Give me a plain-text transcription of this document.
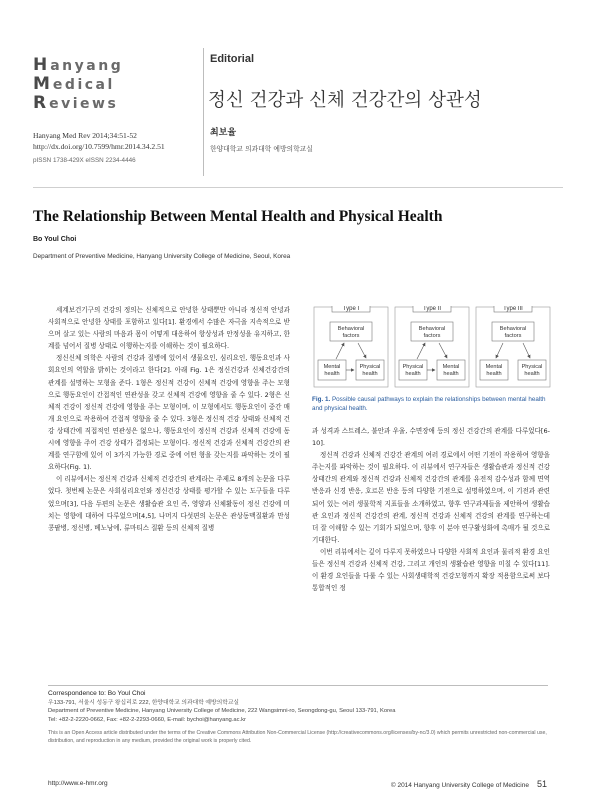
Hanyang
Medical
Reviews
Hanyang Med Rev 2014;34:51-52
http://dx.doi.org/10.7599/hmr.2014.34.2.51
pISSN 1738-429X eISSN 2234-4446
Editorial
정신 건강과 신체 건강간의 상관성
최보율
한양대학교 의과대학 예방의학교실
The Relationship Between Mental Health and Physical Health
Bo Youl Choi
Department of Preventive Medicine, Hanyang University College of Medicine, Seoul, Korea

세계보건기구의 건강의 정의는 신체적으로 안녕한 상태뿐만 아니라 정신적 안녕과 사회적으로 안녕한 상태를 포함하고 있다[1]. 환경에서 수많은 자극을 지속적으로 받으며 살고 있는 사람의 마음과 몸이 어떻게 대응하여 항상성과 안정성을 유지하고, 한계를 넘어서 질병 상태로 이행하는지를 이해하는 것이 필요하다.

정신신체 의학은 사람의 건강과 질병에 있어서 생물요인, 심리요인, 행동요인과 사회요인의 역할을 밝히는 것이라고 한다[2]. 아래 Fig. 1은 정신건강과 신체건강간의 관계를 설명하는 모형을 준다. 1형은 정신적 건강이 신체적 건강에 영향을 주는 모형으로 행동요인이 간접적인 연관성을 갖고 신체적 건강에 영향을 줄 수 있다. 2형은 신체적 건강이 정신적 건강에 영향을 주는 모형이며, 이 모형에서도 행동요인이 중간 매개 요인으로 작용하여 간접적 영향을 줄 수 있다. 3형은 정신적 건강 상태와 신체적 건강 상태간에 직접적인 연관성은 없으나, 행동요인이 정신적 건강과 신체적 건강에 동시에 영향을 주어 건강 상태가 결정되는 모형이다. 정신적 건강과 신체적 건강간의 관계를 연구함에 있어 이 3가지 가능한 경로 중에 어떤 형을 갖는지를 파악하는 것이 필요하다(Fig. 1).

이 리뷰에서는 정신적 건강과 신체적 건강간의 관계라는 주제로 8개의 논문을 다루었다. 첫번째 논문은 사회심리요인와 정신건강 상태를 평가할 수 있는 도구들을 다루었으며[3], 다음 두편의 논문은 생활습관 요인 즉, 영양과 신체활동이 정신 건강에 미치는 영향에 대하여 다루었으며[4,5], 나머지 다섯편의 논문은 관상동맥질환과 만성콩팥병, 정신병, 베노낭에, 류마티스 질환 등의 신체적 질병

Type I
Behavioral
factors
Mental
health
Physical
health
Type II
Behavioral
factors
Physical
health
Mental
health
Type III
Behavioral
factors
Mental
health
Physical
health
Fig. 1. Possible causal pathways to explain the relationships between mental health and physical health.

과 성격과 스트레스, 불안과 우울, 수면장애 등의 정신 건강간의 관계를 다루었다[6-10].

정신적 건강과 신체적 건강간 관계의 여러 경로에서 어떤 기전이 작용하여 영향을 주는지를 파악하는 것이 필요하다. 이 리뷰에서 연구자들은 생활습관과 정신적 건강상태간의 관계와 정신적 건강과 신체적 건강간의 관계를 유전적 감수성과 함께 면역 반응과 신경 반응, 호르몬 반응 등의 다양한 기전으로 설명하였으며, 이 기전과 관련되어 있는 여러 생물학적 지표들을 소개하였고, 향후 연구과제들을 제안하여 생활습관 요인과 정신적 건강간의 관계, 정신적 건강과 신체적 건강의 관계를 연구하는데 더 잘 이해할 수 있는 기회가 되었으며, 향후 이 분야 연구활성화에 촉매가 될 것으로 기대한다.

이번 리뷰에서는 깊이 다루지 못하였으나 다양한 사회적 요인과 물리적 환경 요인들은 정신적 건강과 신체적 건강, 그리고 개인의 생활습관 영향을 미칠 수 있다[11]. 이 환경 요인들을 다룰 수 있는 사회생태학적 건강모형까지 확장 적용함으로써 보다 통합적인 정

Correspondence to: Bo Youl Choi
우133-791, 서울시 성동구 왕십리로 222, 한양대학교 의과대학 예방의학교실
Department of Preventive Medicine, Hanyang University College of Medicine, 222 Wangsimni-ro, Seongdong-gu, Seoul 133-791, Korea
Tel: +82-2-2220-0662, Fax: +82-2-2293-0660, E-mail: bychoi@hanyang.ac.kr
This is an Open Access article distributed under the terms of the Creative Commons Attribution Non-Commercial License (http://creativecommons.org/licenses/by-nc/3.0) which permits unrestricted non-commercial use, distribution, and reproduction in any medium, provided the original work is properly cited.
http://www.e-hmr.org	© 2014 Hanyang University College of Medicine 51
